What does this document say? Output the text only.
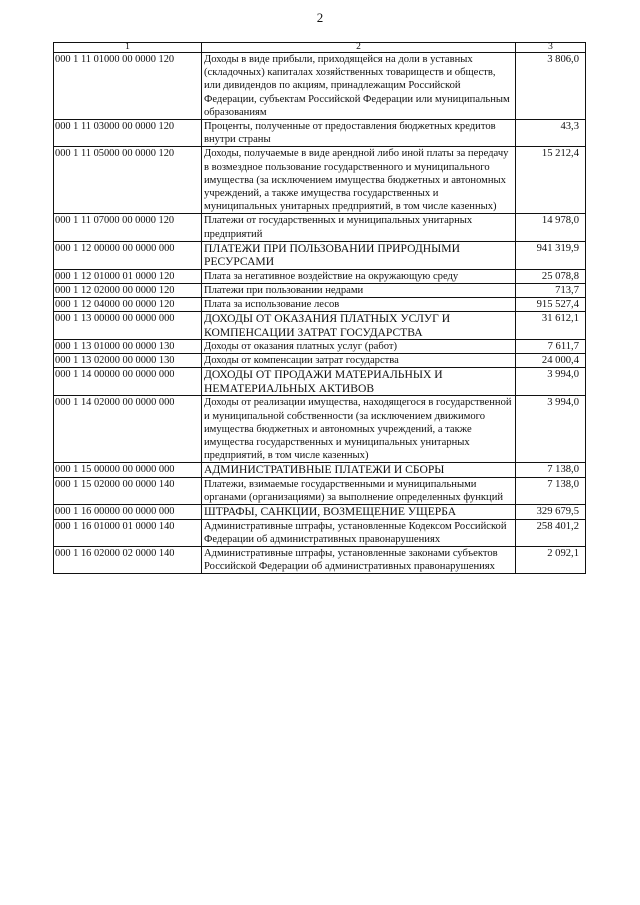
2
1	2	3
000 1 11 01000 00 0000 120	Доходы в виде прибыли, приходящейся на доли в уставных (складочных) капиталах хозяйственных товариществ и обществ, или дивидендов по акциям, принадлежащим Российской Федерации, субъектам Российской Федерации или муниципальным образованиям	3 806,0
000 1 11 03000 00 0000 120	Проценты, полученные от предоставления бюджетных кредитов внутри страны	43,3
000 1 11 05000 00 0000 120	Доходы, получаемые в виде арендной либо иной платы за передачу в возмездное пользование государственного и муниципального имущества (за исключением имущества бюджетных и автономных учреждений, а также имущества государственных и муниципальных унитарных предприятий, в том числе казенных)	15 212,4
000 1 11 07000 00 0000 120	Платежи от государственных и муниципальных унитарных предприятий	14 978,0
000 1 12 00000 00 0000 000	ПЛАТЕЖИ ПРИ ПОЛЬЗОВАНИИ ПРИРОДНЫМИ РЕСУРСАМИ	941 319,9
000 1 12 01000 01 0000 120	Плата за негативное воздействие на окружающую среду	25 078,8
000 1 12 02000 00 0000 120	Платежи при пользовании недрами	713,7
000 1 12 04000 00 0000 120	Плата за использование лесов	915 527,4
000 1 13 00000 00 0000 000	ДОХОДЫ ОТ ОКАЗАНИЯ ПЛАТНЫХ УСЛУГ И КОМПЕНСАЦИИ ЗАТРАТ ГОСУДАРСТВА	31 612,1
000 1 13 01000 00 0000 130	Доходы от оказания платных услуг (работ)	7 611,7
000 1 13 02000 00 0000 130	Доходы от компенсации затрат государства	24 000,4
000 1 14 00000 00 0000 000	ДОХОДЫ ОТ ПРОДАЖИ МАТЕРИАЛЬНЫХ И НЕМАТЕРИАЛЬНЫХ АКТИВОВ	3 994,0
000 1 14 02000 00 0000 000	Доходы от реализации имущества, находящегося в государственной и муниципальной собственности (за исключением движимого имущества бюджетных и автономных учреждений, а также имущества государственных и муниципальных унитарных предприятий, в том числе казенных)	3 994,0
000 1 15 00000 00 0000 000	АДМИНИСТРАТИВНЫЕ ПЛАТЕЖИ И СБОРЫ	7 138,0
000 1 15 02000 00 0000 140	Платежи, взимаемые государственными и муниципальными органами (организациями) за выполнение определенных функций	7 138,0
000 1 16 00000 00 0000 000	ШТРАФЫ, САНКЦИИ, ВОЗМЕЩЕНИЕ УЩЕРБА	329 679,5
000 1 16 01000 01 0000 140	Административные штрафы, установленные Кодексом Российской Федерации об административных правонарушениях	258 401,2
000 1 16 02000 02 0000 140	Административные штрафы, установленные законами субъектов Российской Федерации об административных правонарушениях	2 092,1
